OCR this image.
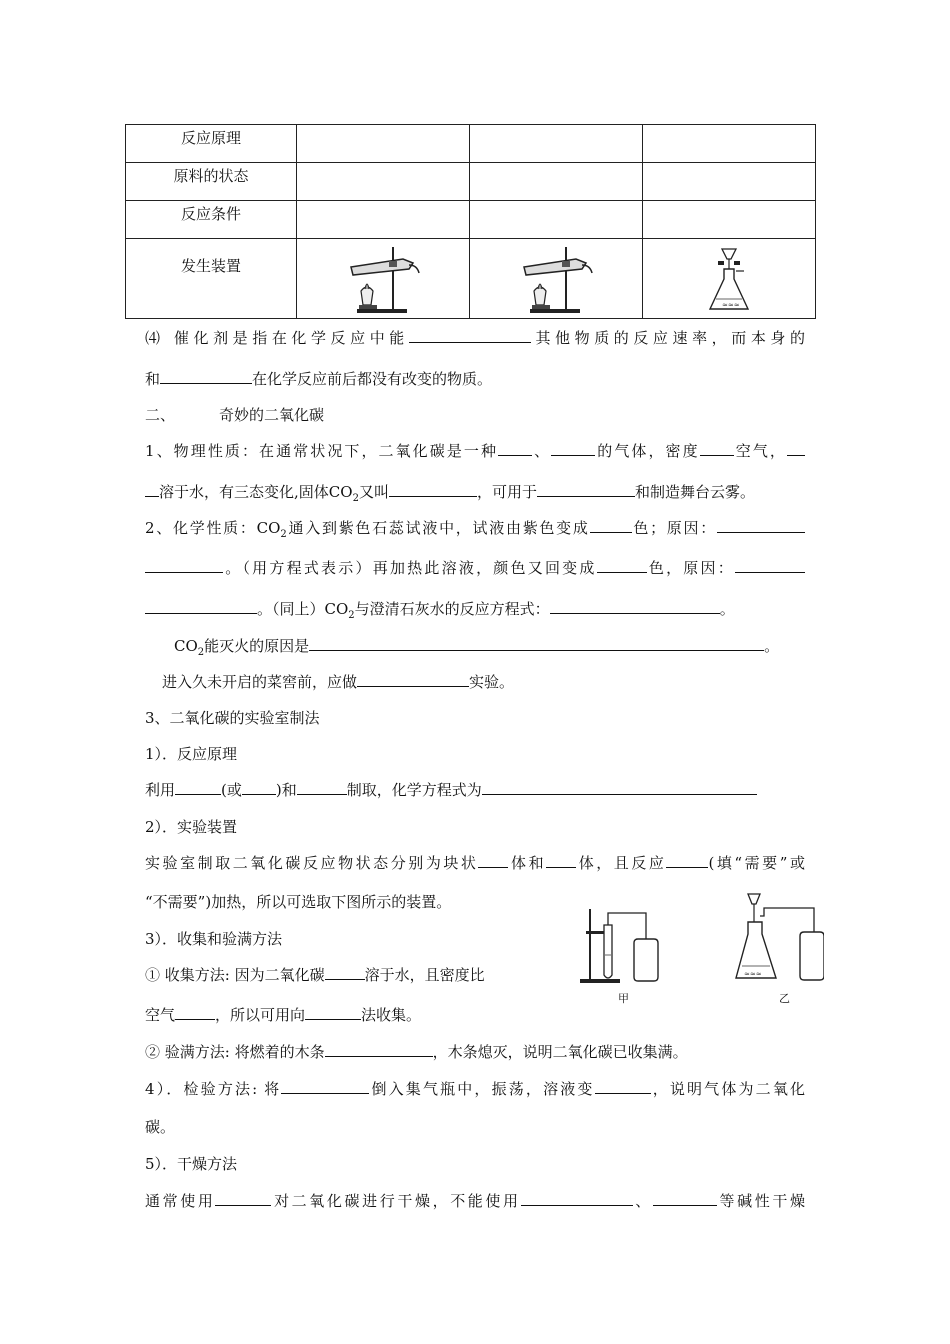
反应原理			
原料的状态			
反应条件			
发生装置			≈≈≈
⑷ 催化剂是指在化学反应中能	其他物质的反应速率，而本身的
和	在化学反应前后都没有改变的物质。
二、	奇妙的二氧化碳
1、物理性质：在通常状况下，二氧化碳是一种 、	的气体，密度 空气，
溶于水，有三态变化,固体$CO_2$又叫	，可用于	和制造舞台云雾。
2、化学性质：$CO_2$通入到紫色石蕊试液中，试液由紫色变成	色；原因：
。（用方程式表示）再加热此溶液，颜色又回变成	色，原因：
。（同上）$CO_2$与澄清石灰水的反应方程式：	。
$CO_2$能灭火的原因是	。
进入久未开启的菜窖前，应做	实验。
3、二氧化碳的实验室制法
1）．反应原理
利用	(或 )和	制取，化学方程式为
2）．实验装置
实验室制取二氧化碳反应物状态分别为块状 体和 体，且反应	(填“需要”或
“不需要”)加热，所以可选取下图所示的装置。
3）．收集和验满方法
① 收集方法: 因为二氧化碳	溶于水，且密度比
空气	，所以可用向	法收集。
② 验满方法: 将燃着的木条	，木条熄灭，说明二氧化碳已收集满。
4）．检验方法: 将	倒入集气瓶中，振荡，溶液变	，说明气体为二氧化
碳。
5）．干燥方法
通常使用	对二氧化碳进行干燥，不能使用	、	等碱性干燥
甲
≈≈≈
乙
